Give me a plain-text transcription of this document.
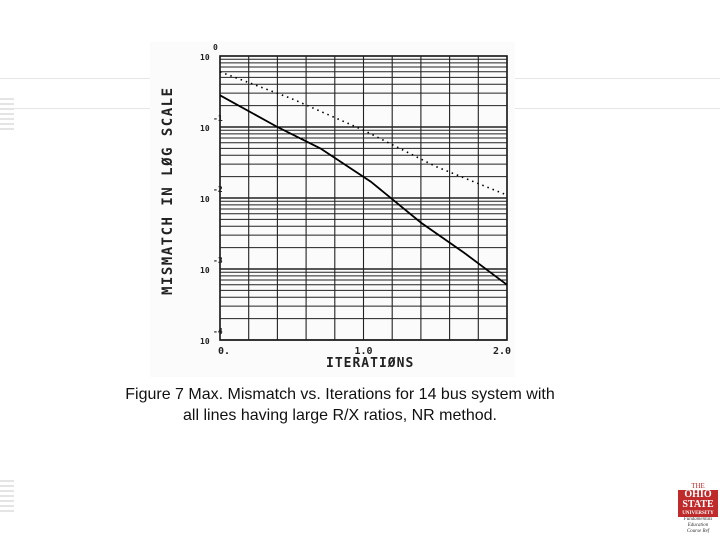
10
0
10
-1
10
-2
10
-3
10
-4
0.	1.0	2.0
MISMATCH IN LØG SCALE
ITERATIØNS
Figure 7 Max. Mismatch vs. Iterations for 14 bus system with
all lines having large R/X ratios, NR method.
THE
OHIO
STATE
UNIVERSITY
Fundamentals Education
Course Ref
